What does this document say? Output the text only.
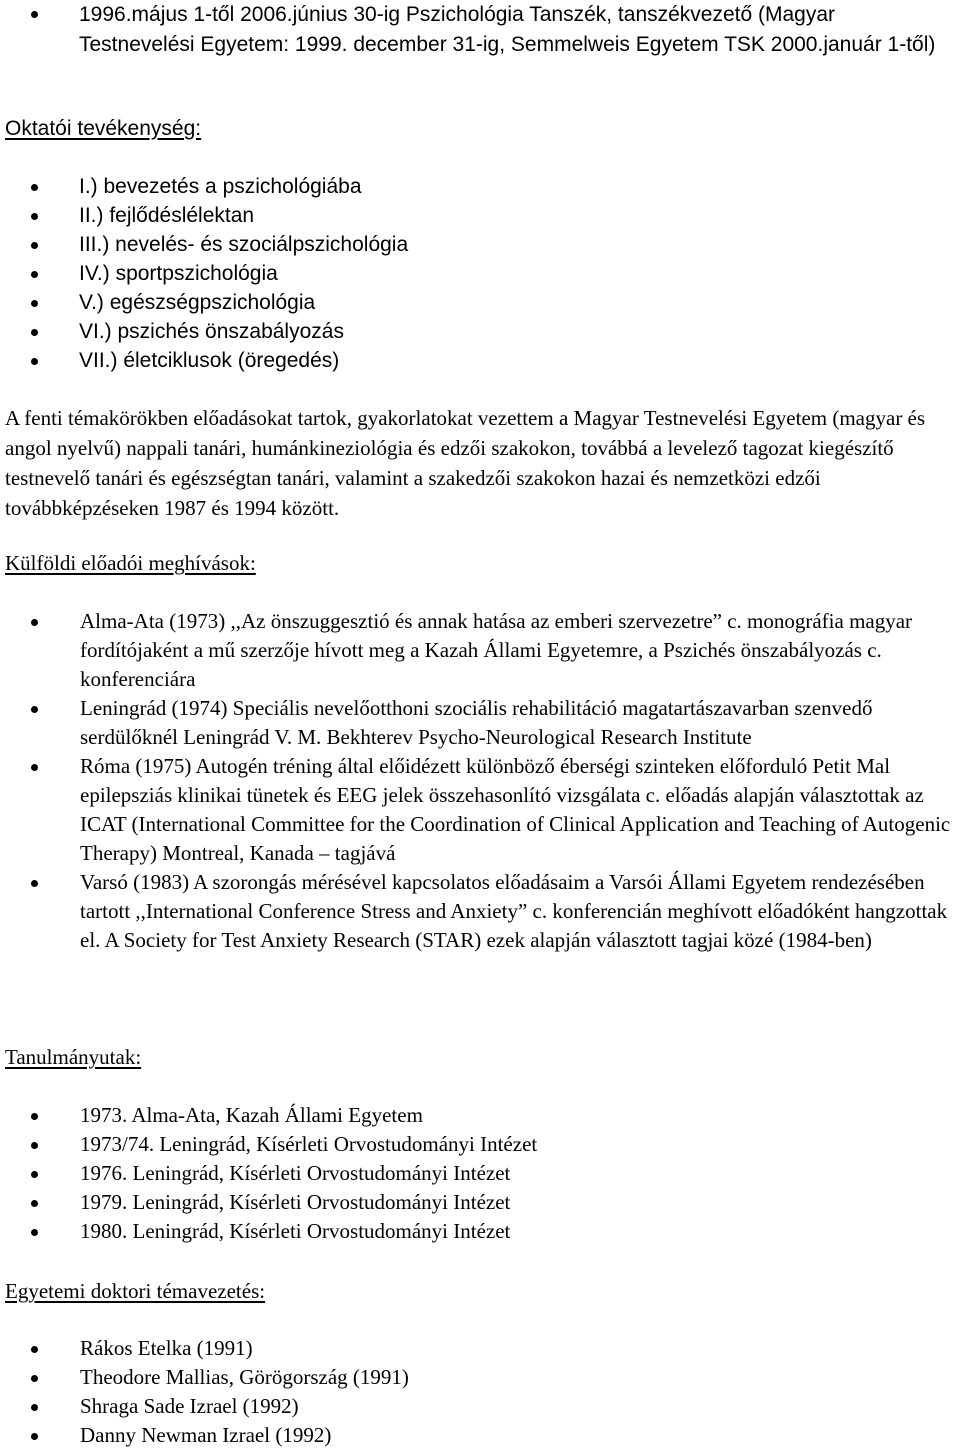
1996.május 1-től 2006.június 30-ig Pszichológia Tanszék, tanszékvezető (Magyar Testnevelési Egyetem: 1999. december 31-ig, Semmelweis Egyetem TSK 2000.január 1-től)
Oktatói tevékenység:
I.) bevezetés a pszichológiába
II.) fejlődéslélektan
III.) nevelés- és szociálpszichológia
IV.) sportpszichológia
V.) egészségpszichológia
VI.) pszichés önszabályozás
VII.) életciklusok (öregedés)

A fenti témakörökben előadásokat tartok, gyakorlatokat vezettem a Magyar Testnevelési Egyetem (magyar és angol nyelvű) nappali tanári, humánkineziológia és edzői szakokon, továbbá a levelező tagozat kiegészítő testnevelő tanári és egészségtan tanári, valamint a szakedzői szakokon hazai és nemzetközi edzői továbbképzéseken 1987 és 1994 között.

Külföldi előadói meghívások:
Alma-Ata (1973) ,,Az önszuggesztió és annak hatása az emberi szervezetre” c. monográfia magyar fordítójaként a mű szerzője hívott meg a Kazah Állami Egyetemre, a Pszichés önszabályozás c. konferenciára
Leningrád (1974) Speciális nevelőotthoni szociális rehabilitáció magatartászavarban szenvedő serdülőknél Leningrád V. M. Bekhterev Psycho-Neurological Research Institute
Róma (1975) Autogén tréning által előidézett különböző éberségi szinteken előforduló Petit Mal epilepsziás klinikai tünetek és EEG jelek összehasonlító vizsgálata c. előadás alapján választottak az ICAT (International Committee for the Coordination of Clinical Application and Teaching of Autogenic Therapy) Montreal, Kanada – tagjává
Varsó (1983) A szorongás mérésével kapcsolatos előadásaim a Varsói Állami Egyetem rendezésében tartott ,,International Conference Stress and Anxiety” c. konferencián meghívott előadóként hangzottak el. A Society for Test Anxiety Research (STAR) ezek alapján választott tagjai közé (1984-ben)
Tanulmányutak:
1973. Alma-Ata, Kazah Állami Egyetem
1973/74. Leningrád, Kísérleti Orvostudományi Intézet
1976. Leningrád, Kísérleti Orvostudományi Intézet
1979. Leningrád, Kísérleti Orvostudományi Intézet
1980. Leningrád, Kísérleti Orvostudományi Intézet
Egyetemi doktori témavezetés:
Rákos Etelka (1991)
Theodore Mallias, Görögország (1991)
Shraga Sade Izrael (1992)
Danny Newman Izrael (1992)
